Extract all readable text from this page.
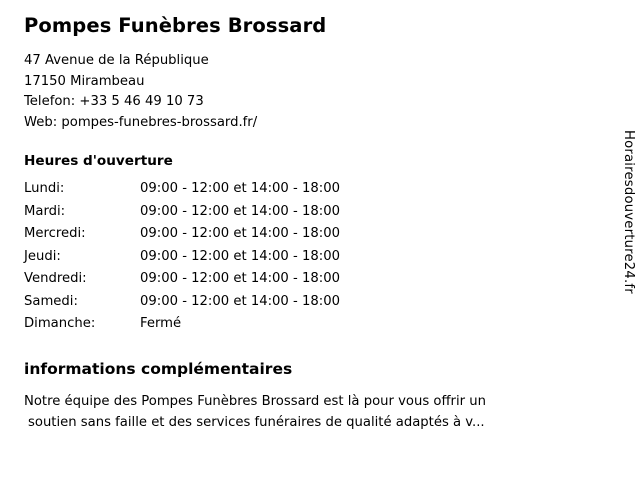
Pompes Funèbres Brossard
47 Avenue de la République
17150 Mirambeau
Telefon: +33 5 46 49 10 73
Web: pompes-funebres-brossard.fr/
Heures d'ouverture
Lundi:	09:00 - 12:00 et 14:00 - 18:00
Mardi:	09:00 - 12:00 et 14:00 - 18:00
Mercredi:	09:00 - 12:00 et 14:00 - 18:00
Jeudi:	09:00 - 12:00 et 14:00 - 18:00
Vendredi:	09:00 - 12:00 et 14:00 - 18:00
Samedi:	09:00 - 12:00 et 14:00 - 18:00
Dimanche:	Fermé
informations complémentaires
Notre équipe des Pompes Funèbres Brossard est là pour vous offrir un
soutien sans faille et des services funéraires de qualité adaptés à v...
Horairesdouverture24.fr
